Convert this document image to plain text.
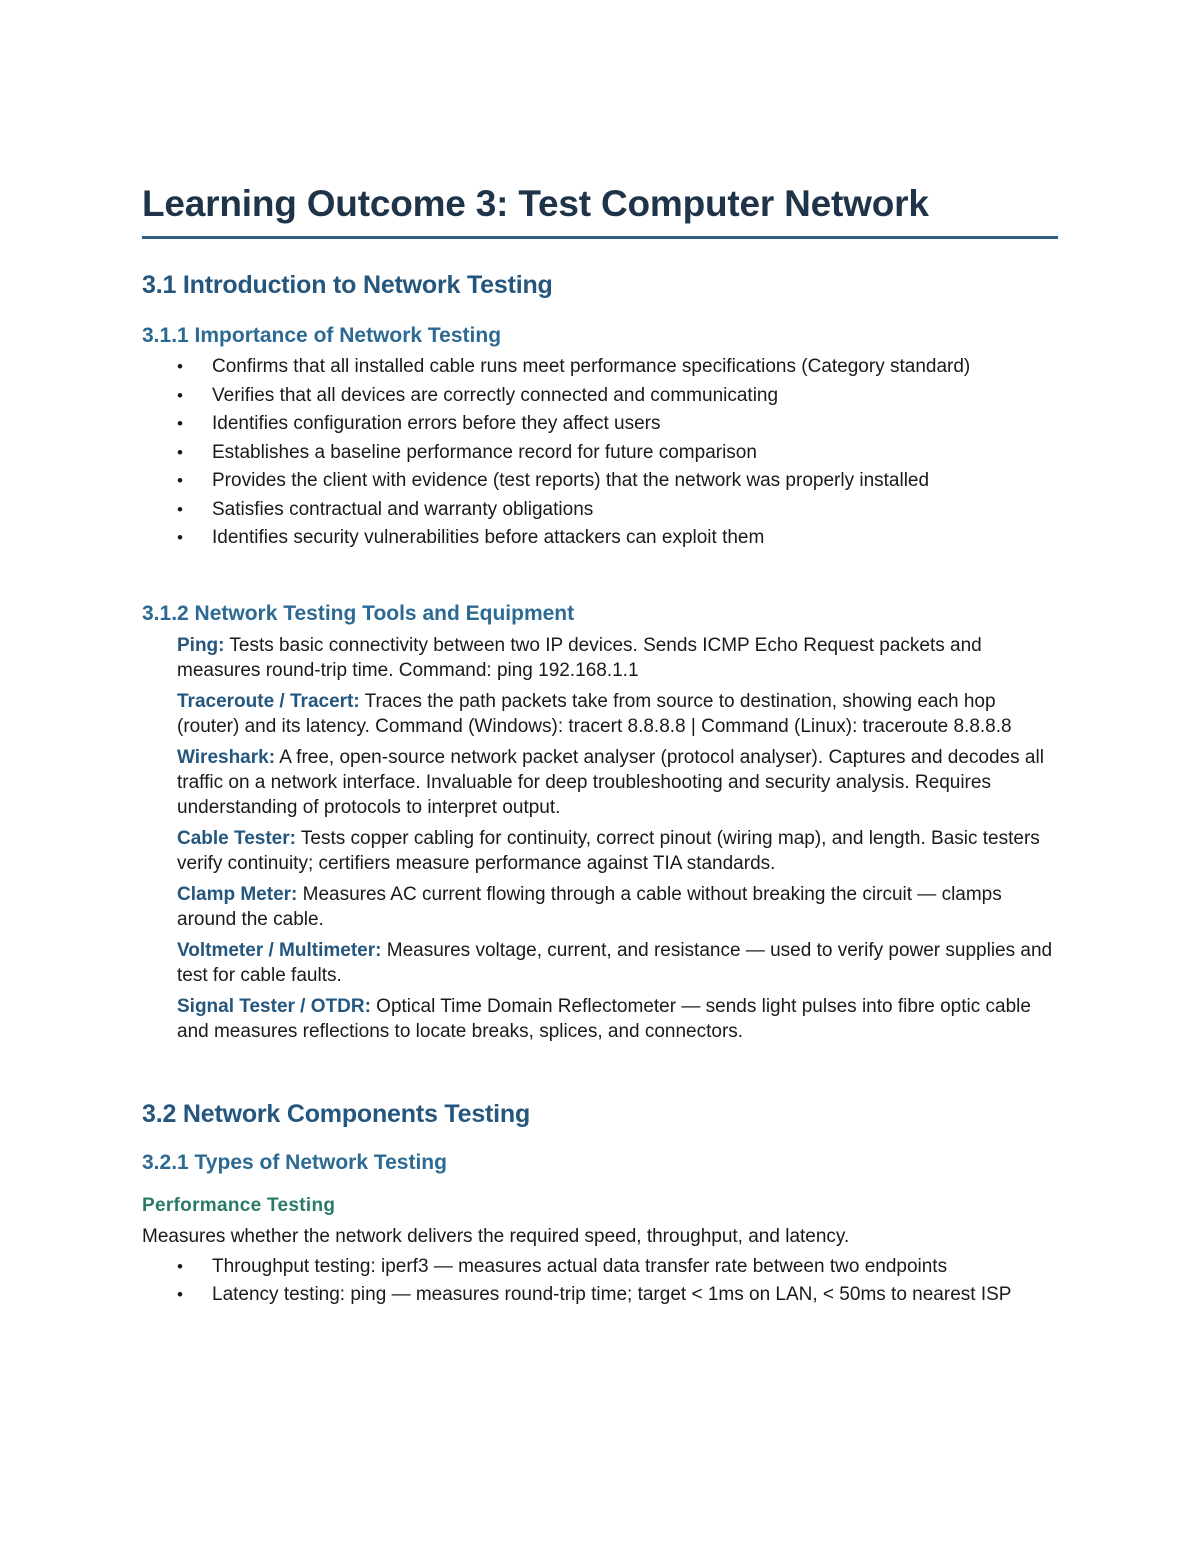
Learning Outcome 3: Test Computer Network
3.1 Introduction to Network Testing
3.1.1 Importance of Network Testing
• Confirms that all installed cable runs meet performance specifications (Category standard)
• Verifies that all devices are correctly connected and communicating
• Identifies configuration errors before they affect users
• Establishes a baseline performance record for future comparison
• Provides the client with evidence (test reports) that the network was properly installed
• Satisfies contractual and warranty obligations
• Identifies security vulnerabilities before attackers can exploit them
3.1.2 Network Testing Tools and Equipment

Ping: Tests basic connectivity between two IP devices. Sends ICMP Echo Request packets and measures round-trip time. Command: ping 192.168.1.1

Traceroute / Tracert: Traces the path packets take from source to destination, showing each hop (router) and its latency. Command (Windows): tracert 8.8.8.8 | Command (Linux): traceroute 8.8.8.8

Wireshark: A free, open-source network packet analyser (protocol analyser). Captures and decodes all traffic on a network interface. Invaluable for deep troubleshooting and security analysis. Requires understanding of protocols to interpret output.

Cable Tester: Tests copper cabling for continuity, correct pinout (wiring map), and length. Basic testers verify continuity; certifiers measure performance against TIA standards.

Clamp Meter: Measures AC current flowing through a cable without breaking the circuit — clamps around the cable.

Voltmeter / Multimeter: Measures voltage, current, and resistance — used to verify power supplies and test for cable faults.

Signal Tester / OTDR: Optical Time Domain Reflectometer — sends light pulses into fibre optic cable and measures reflections to locate breaks, splices, and connectors.

3.2 Network Components Testing
3.2.1 Types of Network Testing
Performance Testing

Measures whether the network delivers the required speed, throughput, and latency.

• Throughput testing: iperf3 — measures actual data transfer rate between two endpoints
• Latency testing: ping — measures round-trip time; target < 1ms on LAN, < 50ms to nearest ISP
